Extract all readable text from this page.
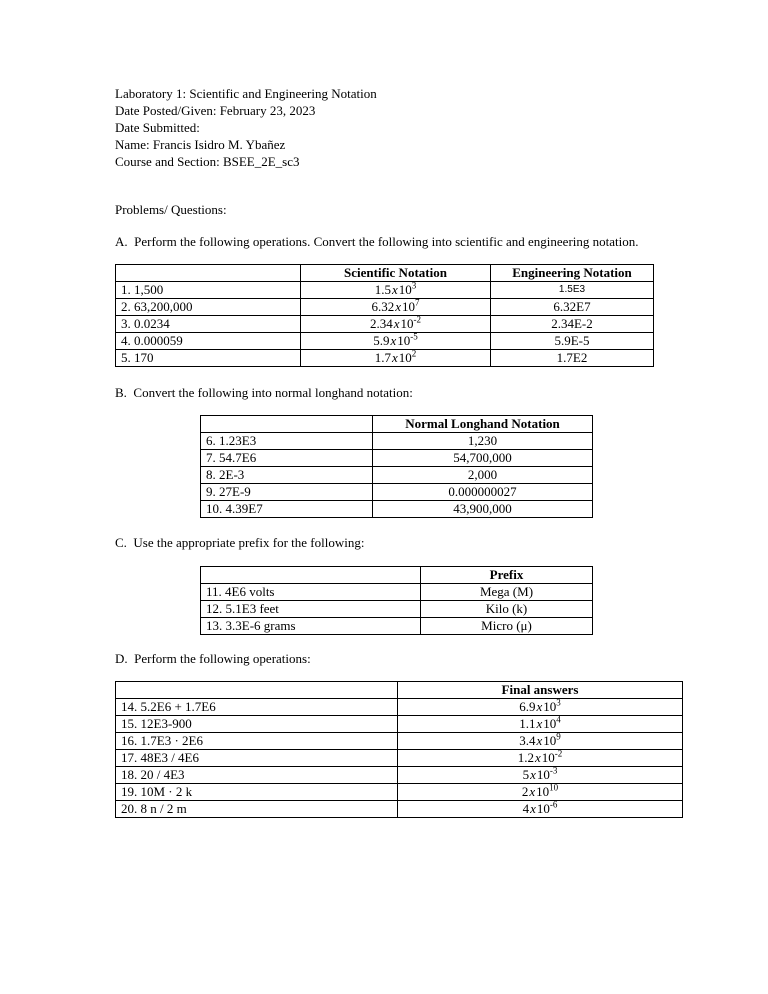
Laboratory 1: Scientific and Engineering Notation

Date Posted/Given: February 23, 2023

Date Submitted:

Name: Francis Isidro M. Ybañez

Course and Section: BSEE_2E_sc3

Problems/ Questions:

A.  Perform the following operations. Convert the following into scientific and engineering notation.

	Scientific Notation	Engineering Notation
1. 1,500	$1.5x10^3$	1.5E3
2. 63,200,000	$6.32x10^7$	6.32E7
3. 0.0234	$2.34x10^{-2}$	2.34E-2
4. 0.000059	$5.9x10^{-5}$	5.9E-5
5. 170	$1.7x10^2$	1.7E2

B.  Convert the following into normal longhand notation:

	Normal Longhand Notation
6. 1.23E3	1,230
7. 54.7E6	54,700,000
8. 2E-3	2,000
9. 27E-9	0.000000027
10. 4.39E7	43,900,000

C.  Use the appropriate prefix for the following:

	Prefix
11. 4E6 volts	Mega (M)
12. 5.1E3 feet	Kilo (k)
13. 3.3E-6 grams	Micro (μ)

D.  Perform the following operations:

	Final answers
14. 5.2E6 + 1.7E6	$6.9x10^3$
15. 12E3-900	$1.1x10^4$
16. 1.7E3 · 2E6	$3.4x10^9$
17. 48E3 / 4E6	$1.2x10^{-2}$
18. 20 / 4E3	$5x10^{-3}$
19. 10M · 2 k	$2x10^{10}$
20. 8 n / 2 m	$4x10^{-6}$
